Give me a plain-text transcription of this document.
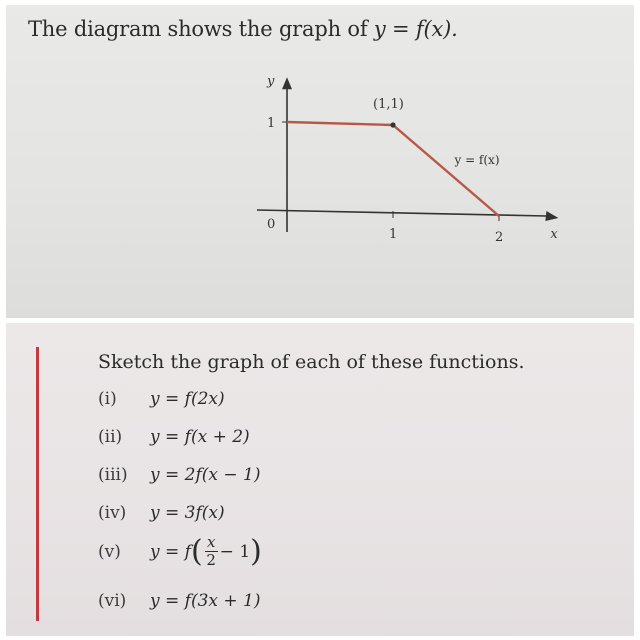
The diagram shows the graph of y = f(x).
y
x
0
1	2
1
(1,1)
y = f(x)
Sketch the graph of each of these functions.
(i)	y = f(2x)
(ii)	y = f(x + 2)
(iii)	y = 2f(x − 1)
(iv)	y = 3f(x)
(v)	y = f ( $\frac{x}{2} - 1$ )
(vi)	y = f(3x + 1)
